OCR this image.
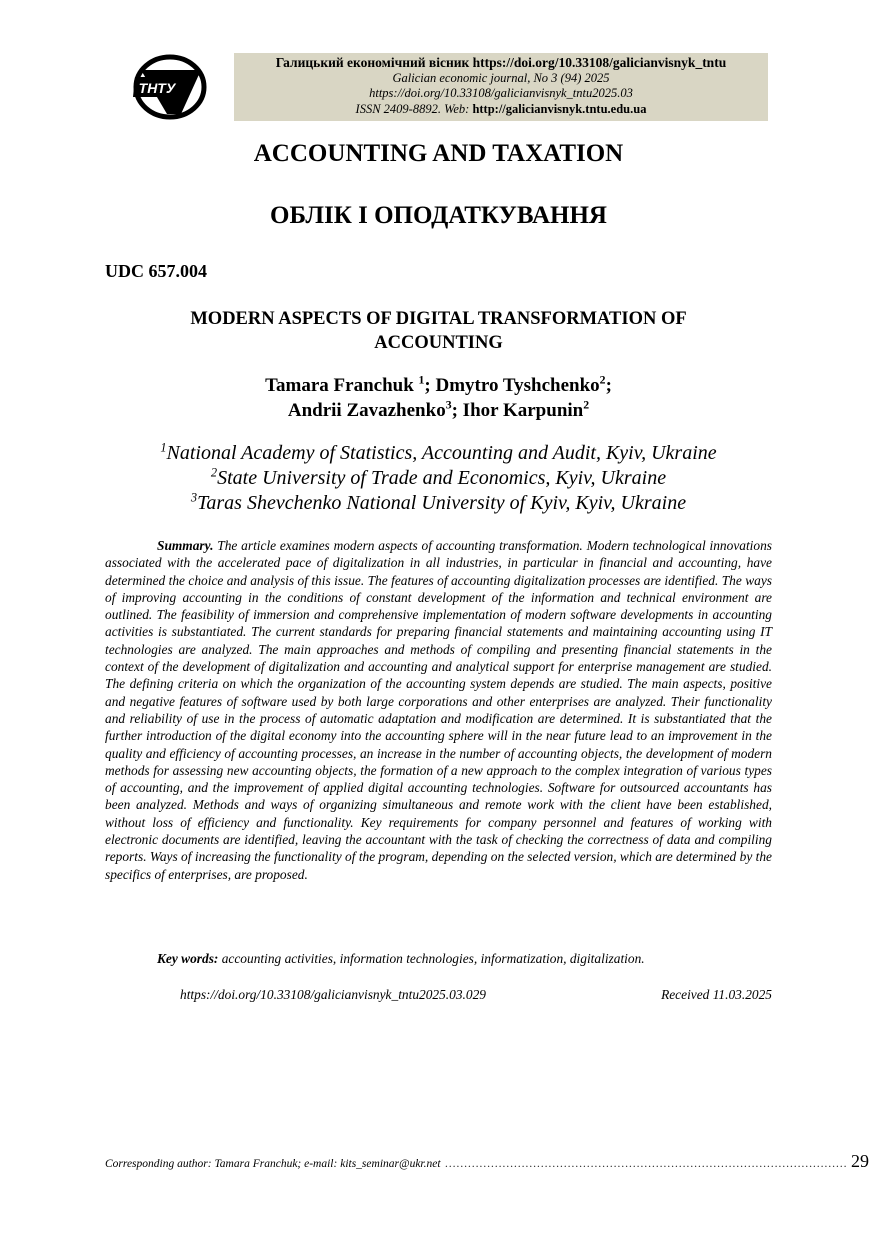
ТНТУ
Галицький економічний вісник https://doi.org/10.33108/galicianvisnyk_tntu
Galician economic journal, No 3 (94) 2025
https://doi.org/10.33108/galicianvisnyk_tntu2025.03
ISSN 2409-8892. Web: http://galicianvisnyk.tntu.edu.ua
ACCOUNTING AND TAXATION
ОБЛІК І ОПОДАТКУВАННЯ
UDC 657.004
MODERN ASPECTS OF DIGITAL TRANSFORMATION OF ACCOUNTING
Tamara Franchuk $^1$; Dmytro Tyshchenko$^2$;
Andrii Zavazhenko$^3$; Ihor Karpunin$^2$
$^1$National Academy of Statistics, Accounting and Audit, Kyiv, Ukraine
$^2$State University of Trade and Economics, Kyiv, Ukraine
$^3$Taras Shevchenko National University of Kyiv, Kyiv, Ukraine
Summary. The article examines modern aspects of accounting transformation. Modern technological innovations associated with the accelerated pace of digitalization in all industries, in particular in financial and accounting, have determined the choice and analysis of this issue. The features of accounting digitalization processes are identified. The ways of improving accounting in the conditions of constant development of the information and technical environment are outlined. The feasibility of immersion and comprehensive implementation of modern software developments in accounting activities is substantiated. The current standards for preparing financial statements and maintaining accounting using IT technologies are analyzed. The main approaches and methods of compiling and presenting financial statements in the context of the development of digitalization and accounting and analytical support for enterprise management are studied. The defining criteria on which the organization of the accounting system depends are studied. The main aspects, positive and negative features of software used by both large corporations and other enterprises are analyzed. Their functionality and reliability of use in the process of automatic adaptation and modification are determined. It is substantiated that the further introduction of the digital economy into the accounting sphere will in the near future lead to an improvement in the quality and efficiency of accounting processes, an increase in the number of accounting objects, the development of modern methods for assessing new accounting objects, the formation of a new approach to the complex integration of various types of accounting, and the improvement of applied digital accounting technologies. Software for outsourced accountants has been analyzed. Methods and ways of organizing simultaneous and remote work with the client have been established, without loss of efficiency and functionality. Key requirements for company personnel and features of working with electronic documents are identified, leaving the accountant with the task of checking the correctness of data and compiling reports. Ways of increasing the functionality of the program, depending on the selected version, which are determined by the specifics of enterprises, are proposed.
Key words: accounting activities, information technologies, informatization, digitalization.
https://doi.org/10.33108/galicianvisnyk_tntu2025.03.029	Received 11.03.2025
Corresponding author: Tamara Franchuk; e-mail: kits_seminar@ukr.net …………………………………………………………………………………………… 29
